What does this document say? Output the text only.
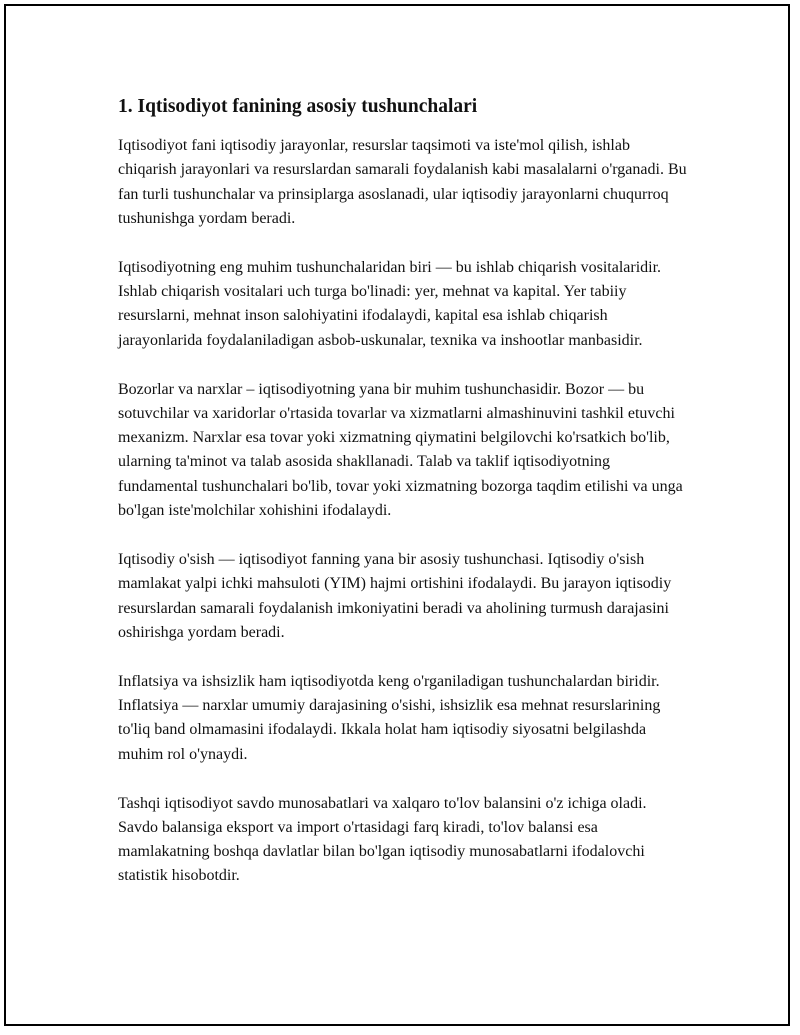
1. Iqtisodiyot fanining asosiy tushunchalari

Iqtisodiyot fani iqtisodiy jarayonlar, resurslar taqsimoti va iste'mol qilish, ishlab chiqarish jarayonlari va resurslardan samarali foydalanish kabi masalalarni o'rganadi. Bu fan turli tushunchalar va prinsiplarga asoslanadi, ular iqtisodiy jarayonlarni chuqurroq tushunishga yordam beradi.

Iqtisodiyotning eng muhim tushunchalaridan biri — bu ishlab chiqarish vositalaridir. Ishlab chiqarish vositalari uch turga bo'linadi: yer, mehnat va kapital. Yer tabiiy resurslarni, mehnat inson salohiyatini ifodalaydi, kapital esa ishlab chiqarish jarayonlarida foydalaniladigan asbob-uskunalar, texnika va inshootlar manbasidir.

Bozorlar va narxlar – iqtisodiyotning yana bir muhim tushunchasidir. Bozor — bu sotuvchilar va xaridorlar o'rtasida tovarlar va xizmatlarni almashinuvini tashkil etuvchi mexanizm. Narxlar esa tovar yoki xizmatning qiymatini belgilovchi ko'rsatkich bo'lib, ularning ta'minot va talab asosida shakllanadi. Talab va taklif iqtisodiyotning fundamental tushunchalari bo'lib, tovar yoki xizmatning bozorga taqdim etilishi va unga bo'lgan iste'molchilar xohishini ifodalaydi.

Iqtisodiy o'sish — iqtisodiyot fanning yana bir asosiy tushunchasi. Iqtisodiy o'sish mamlakat yalpi ichki mahsuloti (YIM) hajmi ortishini ifodalaydi. Bu jarayon iqtisodiy resurslardan samarali foydalanish imkoniyatini beradi va aholining turmush darajasini oshirishga yordam beradi.

Inflatsiya va ishsizlik ham iqtisodiyotda keng o'rganiladigan tushunchalardan biridir. Inflatsiya — narxlar umumiy darajasining o'sishi, ishsizlik esa mehnat resurslarining to'liq band olmamasini ifodalaydi. Ikkala holat ham iqtisodiy siyosatni belgilashda muhim rol o'ynaydi.

Tashqi iqtisodiyot savdo munosabatlari va xalqaro to'lov balansini o'z ichiga oladi. Savdo balansiga eksport va import o'rtasidagi farq kiradi, to'lov balansi esa mamlakatning boshqa davlatlar bilan bo'lgan iqtisodiy munosabatlarni ifodalovchi statistik hisobotdir.
